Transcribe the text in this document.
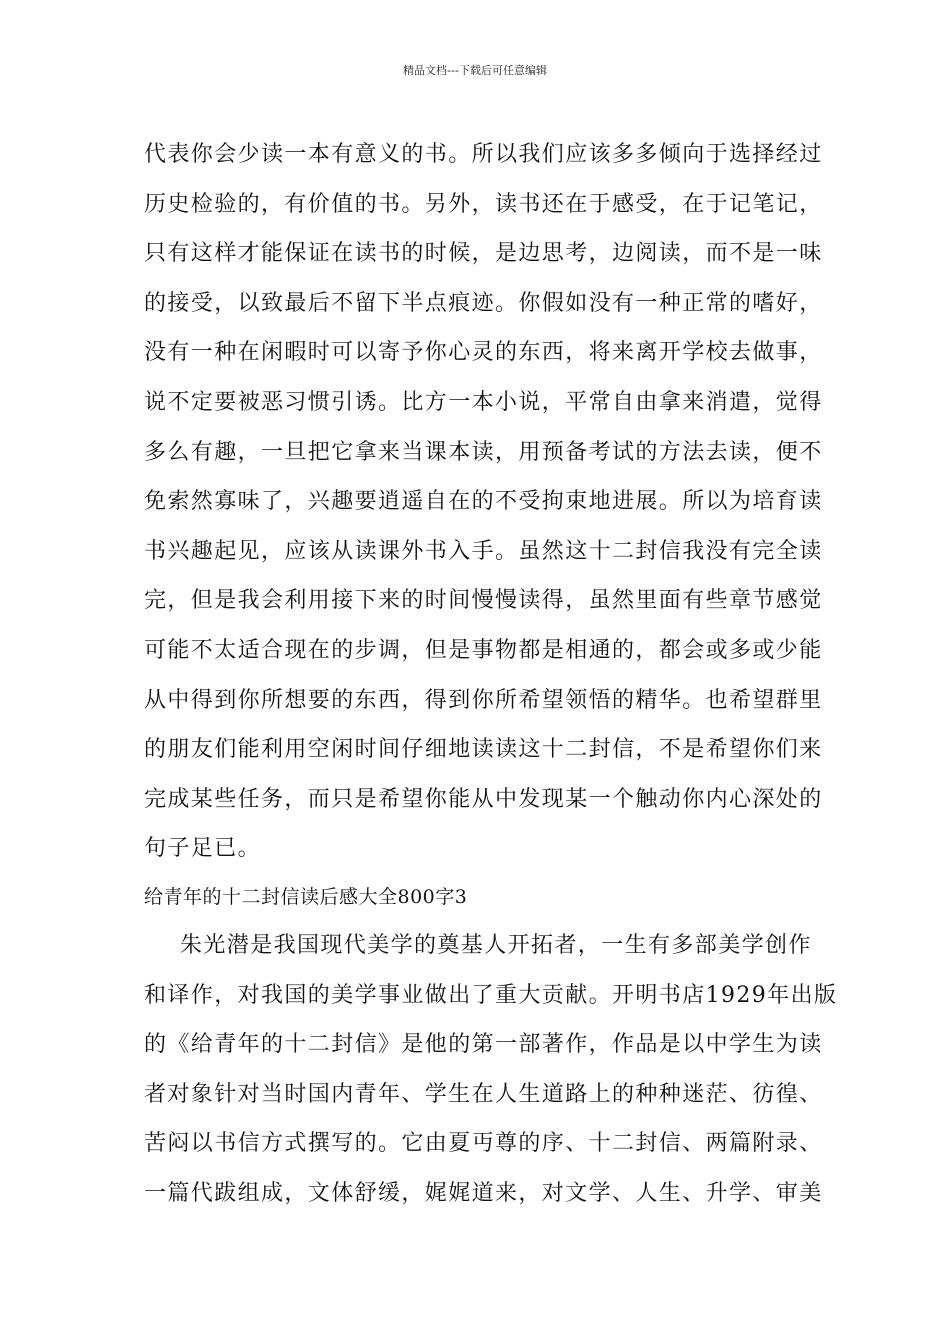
精品文档---下载后可任意编辑
代表你会少读一本有意义的书。所以我们应该多多倾向于选择经过
历史检验的，有价值的书。另外，读书还在于感受，在于记笔记，
只有这样才能保证在读书的时候，是边思考，边阅读，而不是一味
的接受，以致最后不留下半点痕迹。你假如没有一种正常的嗜好，
没有一种在闲暇时可以寄予你心灵的东西，将来离开学校去做事，
说不定要被恶习惯引诱。比方一本小说，平常自由拿来消遣，觉得
多么有趣，一旦把它拿来当课本读，用预备考试的方法去读，便不
免索然寡味了，兴趣要逍遥自在的不受拘束地进展。所以为培育读
书兴趣起见，应该从读课外书入手。虽然这十二封信我没有完全读
完，但是我会利用接下来的时间慢慢读得，虽然里面有些章节感觉
可能不太适合现在的步调，但是事物都是相通的，都会或多或少能
从中得到你所想要的东西，得到你所希望领悟的精华。也希望群里
的朋友们能利用空闲时间仔细地读读这十二封信，不是希望你们来
完成某些任务，而只是希望你能从中发现某一个触动你内心深处的
句子足已。
给青年的十二封信读后感大全800字3
朱光潜是我国现代美学的奠基人开拓者，一生有多部美学创作
和译作，对我国的美学事业做出了重大贡献。开明书店1929年出版
的《给青年的十二封信》是他的第一部著作，作品是以中学生为读
者对象针对当时国内青年、学生在人生道路上的种种迷茫、彷徨、
苦闷以书信方式撰写的。它由夏丏尊的序、十二封信、两篇附录、
一篇代跋组成，文体舒缓，娓娓道来，对文学、人生、升学、审美
